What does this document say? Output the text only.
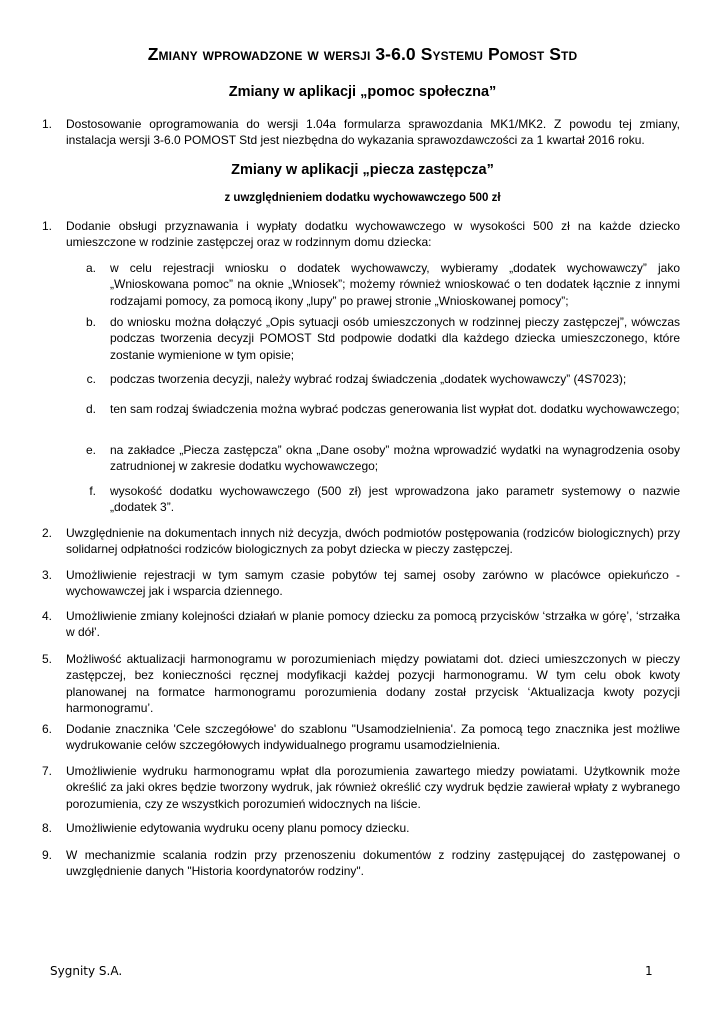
Zmiany wprowadzone w wersji 3-6.0 Systemu Pomost Std
Zmiany w aplikacji „pomoc społeczna”
1. Dostosowanie oprogramowania do wersji 1.04a formularza sprawozdania MK1/MK2. Z powodu tej zmiany, instalacja wersji 3-6.0 POMOST Std jest niezbędna do wykazania sprawozdawczości za 1 kwartał 2016 roku.
Zmiany w aplikacji „piecza zastępcza”
z uwzględnieniem dodatku wychowawczego 500 zł
1. Dodanie obsługi przyznawania i wypłaty dodatku wychowawczego w wysokości 500 zł na każde dziecko umieszczone w rodzinie zastępczej oraz w rodzinnym domu dziecka:
a. w celu rejestracji wniosku o dodatek wychowawczy, wybieramy „dodatek wychowawczy” jako „Wnioskowana pomoc” na oknie „Wniosek”; możemy również wnioskować o ten dodatek łącznie z innymi rodzajami pomocy, za pomocą ikony „lupy” po prawej stronie „Wnioskowanej pomocy”;
b. do wniosku można dołączyć „Opis sytuacji osób umieszczonych w rodzinnej pieczy zastępczej”, wówczas podczas tworzenia decyzji POMOST Std podpowie dodatki dla każdego dziecka umieszczonego, które zostanie wymienione w tym opisie;
c. podczas tworzenia decyzji, należy wybrać rodzaj świadczenia „dodatek wychowawczy” (4S7023);
d. ten sam rodzaj świadczenia można wybrać podczas generowania list wypłat dot. dodatku wychowawczego;
e. na zakładce „Piecza zastępcza” okna „Dane osoby” można wprowadzić wydatki na wynagrodzenia osoby zatrudnionej w zakresie dodatku wychowawczego;
f. wysokość dodatku wychowawczego (500 zł) jest wprowadzona jako parametr systemowy o nazwie „dodatek 3”.
2. Uwzględnienie na dokumentach innych niż decyzja, dwóch podmiotów postępowania (rodziców biologicznych) przy solidarnej odpłatności rodziców biologicznych za pobyt dziecka w pieczy zastępczej.
3. Umożliwienie rejestracji w tym samym czasie pobytów tej samej osoby zarówno w placówce opiekuńczo - wychowawczej jak i wsparcia dziennego.
4. Umożliwienie zmiany kolejności działań w planie pomocy dziecku za pomocą przycisków ‘strzałka w górę’, ‘strzałka w dół’.
5. Możliwość aktualizacji harmonogramu w porozumieniach między powiatami dot. dzieci umieszczonych w pieczy zastępczej, bez konieczności ręcznej modyfikacji każdej pozycji harmonogramu. W tym celu obok kwoty planowanej na formatce harmonogramu porozumienia dodany został przycisk ‘Aktualizacja kwoty pozycji harmonogramu’.
6. Dodanie znacznika 'Cele szczegółowe' do szablonu "Usamodzielnienia'. Za pomocą tego znacznika jest możliwe wydrukowanie celów szczegółowych indywidualnego programu usamodzielnienia.
7. Umożliwienie wydruku harmonogramu wpłat dla porozumienia zawartego miedzy powiatami. Użytkownik może określić za jaki okres będzie tworzony wydruk, jak również określić czy wydruk będzie zawierał wpłaty z wybranego porozumienia, czy ze wszystkich porozumień widocznych na liście.
8. Umożliwienie edytowania wydruku oceny planu pomocy dziecku.
9. W mechanizmie scalania rodzin przy przenoszeniu dokumentów z rodziny zastępującej do zastępowanej o uwzględnienie danych "Historia koordynatorów rodziny".
Sygnity S.A.	1
